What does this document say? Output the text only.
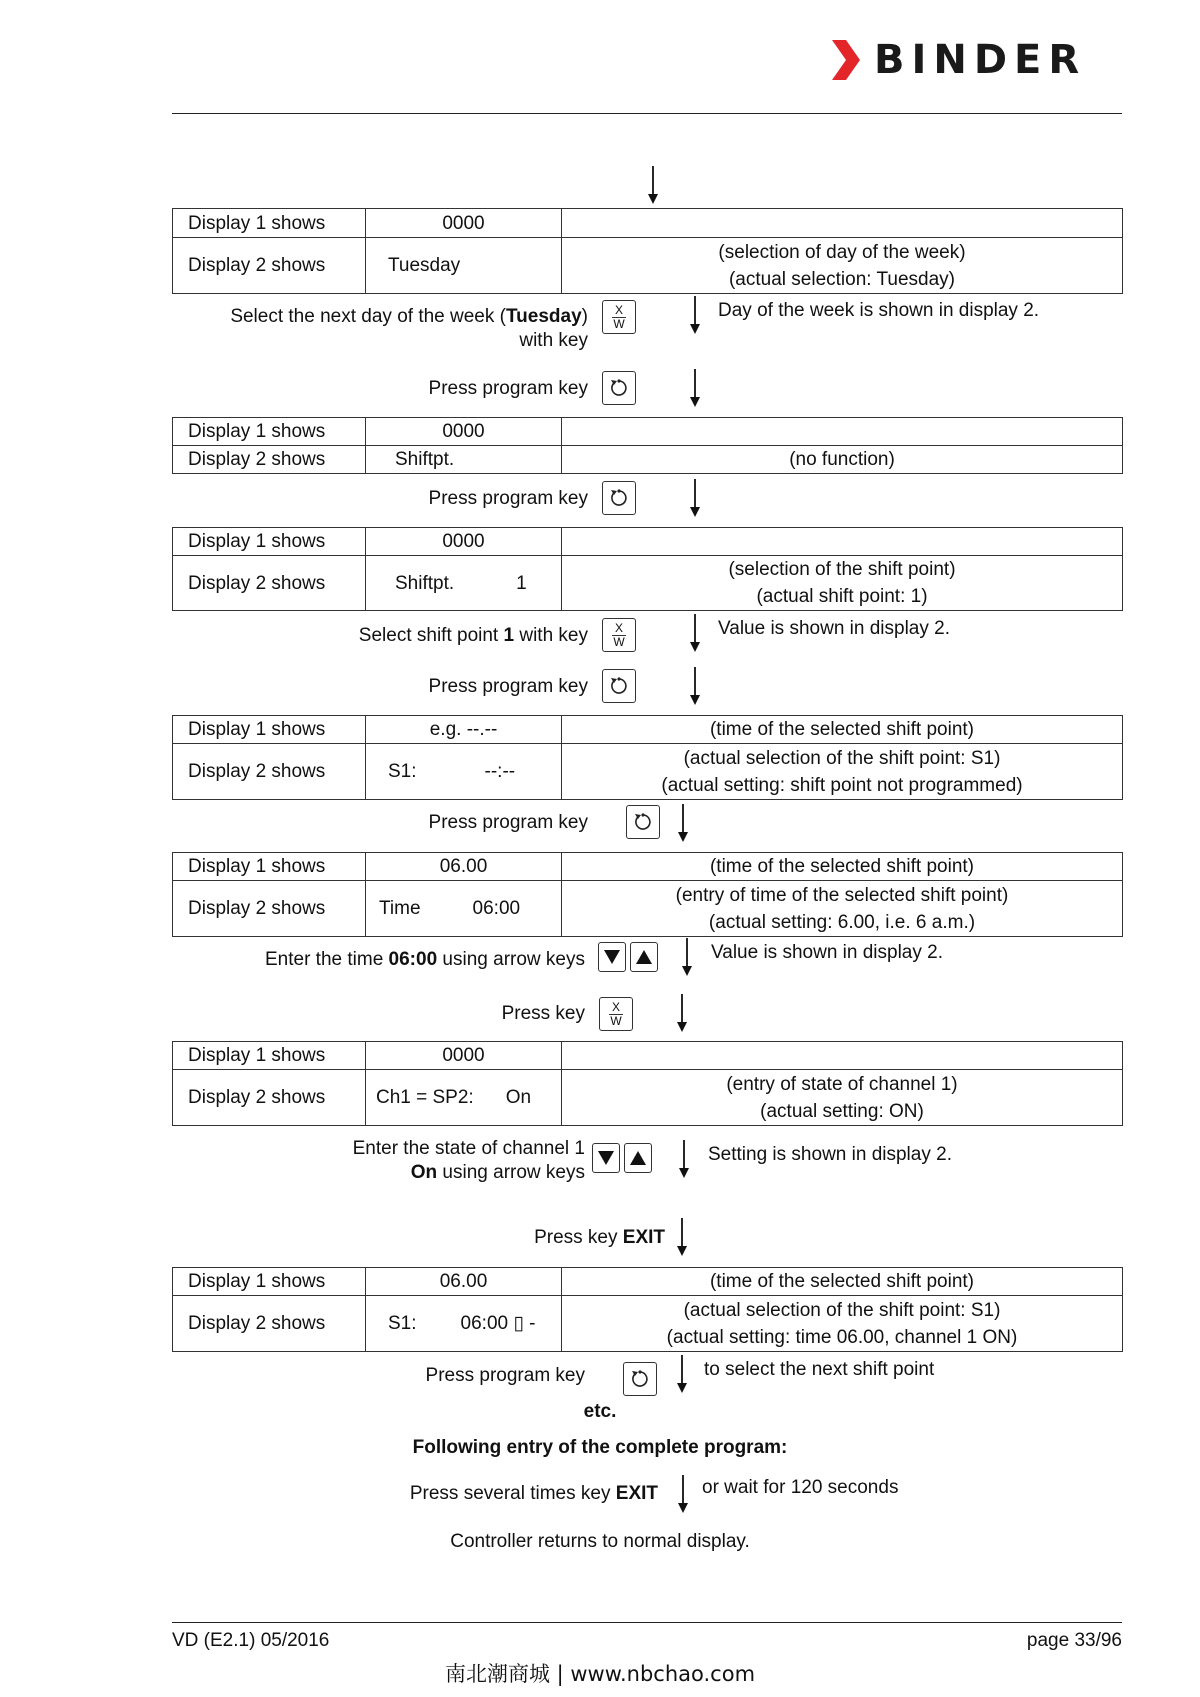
BINDER
Display 1 shows	0000	
Display 2 shows	Tuesday	(selection of day of the week)
(actual selection: Tuesday)
Select the next day of the week (Tuesday)
with key
X
W
Day of the week is shown in display 2.
Press program key
Display 1 shows	0000	
Display 2 shows	Shiftpt.	(no function)
Press program key
Display 1 shows	0000	
Display 2 shows	Shiftpt. 1	(selection of the shift point)
(actual shift point: 1)
Select shift point 1 with key X
W
Value is shown in display 2.
Press program key
Display 1 shows	e.g. --.--	(time of the selected shift point)
Display 2 shows	S1: --:--	(actual selection of the shift point: S1)
(actual setting: shift point not programmed)
Press program key
Display 1 shows	06.00	(time of the selected shift point)
Display 2 shows	Time 06:00	(entry of time of the selected shift point)
(actual setting: 6.00, i.e. 6 a.m.)
Enter the time 06:00 using arrow keys	Value is shown in display 2.
Press key X
W
Display 1 shows	0000	
Display 2 shows	Ch1 = SP2: On	(entry of state of channel 1)
(actual setting: ON)
Enter the state of channel 1
On using arrow keys
Setting is shown in display 2.
Press key EXIT
Display 1 shows	06.00	(time of the selected shift point)
Display 2 shows	S1: 06:00 ▯ -	(actual selection of the shift point: S1)
(actual setting: time 06.00, channel 1 ON)
Press program key	to select the next shift point
etc.
Following entry of the complete program:
Press several times key EXIT or wait for 120 seconds
Controller returns to normal display.
VD (E2.1) 05/2016	page 33/96
南北潮商城 | www.nbchao.com
